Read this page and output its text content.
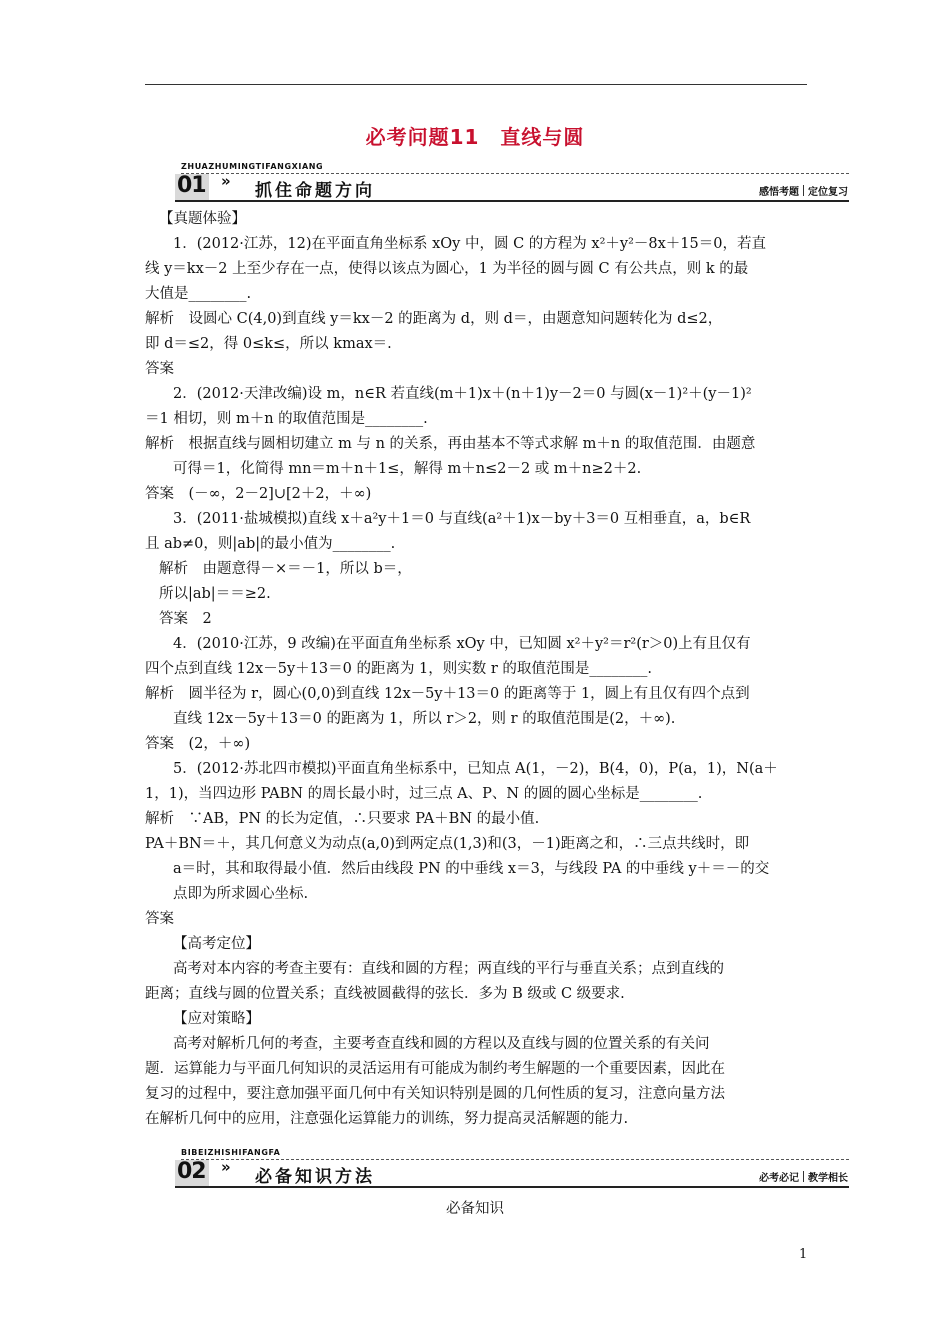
必考问题11　直线与圆
ZHUAZHUMINGTIFANGXIANG
01 » 抓住命题方向	感悟考题 定位复习
【真题体验】
1．(2012·江苏，12)在平面直角坐标系 xOy 中，圆 C 的方程为 x²＋y²－8x＋15＝0，若直
线 y＝kx－2 上至少存在一点，使得以该点为圆心，1 为半径的圆与圆 C 有公共点，则 k 的最
大值是________.
解析　设圆心 C(4,0)到直线 y＝kx－2 的距离为 d，则 d＝，由题意知问题转化为 d≤2，
即 d＝≤2，得 0≤k≤，所以 kmax＝.
答案
2．(2012·天津改编)设 m，n∈R 若直线(m＋1)x＋(n＋1)y－2＝0 与圆(x－1)²＋(y－1)²
＝1 相切，则 m＋n 的取值范围是________.
解析　根据直线与圆相切建立 m 与 n 的关系，再由基本不等式求解 m＋n 的取值范围．由题意
可得＝1，化简得 mn＝m＋n＋1≤，解得 m＋n≤2－2 或 m＋n≥2＋2.
答案　(－∞，2－2]∪[2＋2，＋∞)
3．(2011·盐城模拟)直线 x＋a²y＋1＝0 与直线(a²＋1)x－by＋3＝0 互相垂直，a，b∈R
且 ab≠0，则|ab|的最小值为________.
解析　由题意得－×＝－1，所以 b＝，
所以|ab|＝＝≥2.
答案　2
4．(2010·江苏，9 改编)在平面直角坐标系 xOy 中，已知圆 x²＋y²＝r²(r＞0)上有且仅有
四个点到直线 12x－5y＋13＝0 的距离为 1，则实数 r 的取值范围是________.
解析　圆半径为 r，圆心(0,0)到直线 12x－5y＋13＝0 的距离等于 1，圆上有且仅有四个点到
直线 12x－5y＋13＝0 的距离为 1，所以 r＞2，则 r 的取值范围是(2，＋∞).
答案　(2，＋∞)
5．(2012·苏北四市模拟)平面直角坐标系中，已知点 A(1，－2)，B(4，0)，P(a，1)，N(a＋
1，1)，当四边形 PABN 的周长最小时，过三点 A、P、N 的圆的圆心坐标是________.
解析　∵AB，PN 的长为定值，∴只要求 PA＋BN 的最小值.
PA＋BN＝＋，其几何意义为动点(a,0)到两定点(1,3)和(3，－1)距离之和，∴三点共线时，即
a＝时，其和取得最小值．然后由线段 PN 的中垂线 x＝3，与线段 PA 的中垂线 y＋＝－的交
点即为所求圆心坐标.
答案
【高考定位】
高考对本内容的考查主要有：直线和圆的方程；两直线的平行与垂直关系；点到直线的
距离；直线与圆的位置关系；直线被圆截得的弦长．多为 B 级或 C 级要求.
【应对策略】
高考对解析几何的考查，主要考查直线和圆的方程以及直线与圆的位置关系的有关问
题．运算能力与平面几何知识的灵活运用有可能成为制约考生解题的一个重要因素，因此在
复习的过程中，要注意加强平面几何中有关知识特别是圆的几何性质的复习，注意向量方法
在解析几何中的应用，注意强化运算能力的训练，努力提高灵活解题的能力.
BIBEIZHISHIFANGFA
02 » 必备知识方法	必考必记 教学相长
必备知识
1
